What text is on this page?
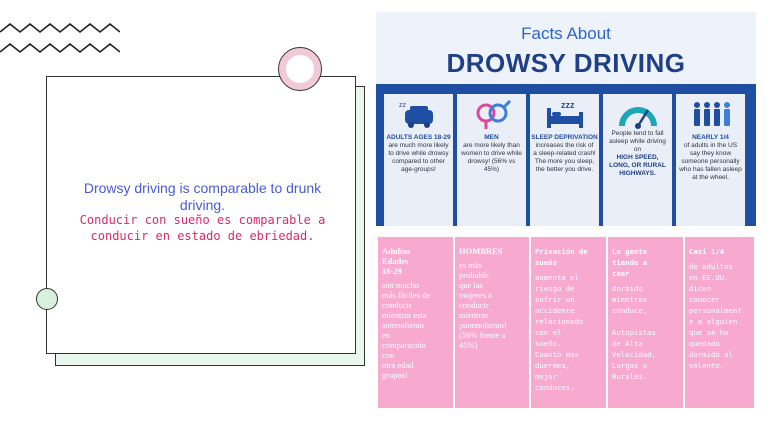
Drowsy driving is comparable to drunk driving.
Conducir con sueño es comparable a conducir en estado de ebriedad.
Facts About
DROWSY DRIVING
zz
ADULTS AGES 18-29
are much more likely to drive while drowsy compared to other age-groups!
MEN
are more likely than women to drive while drowsy! (56% vs 45%)
zzz
SLEEP DEPRIVATION
increases the risk of a sleep-related crash! The more you sleep, the better you drive.
People tend to fall asleep while driving on
HIGH SPEED, LONG, OR RURAL HIGHWAYS.
NEARLY 1/4
of adults in the US say they know someone personally who has fallen asleep at the wheel.
Adultos
Edades
18-29
son mucho
más fáciles de
conducir
mientras esta
somnoliento
en
comparación
con
otra edad
grupos!
HOMBRES
es más
probable
que las
mujeres a
conducir
mientras
¡somnoliento!
(56% frente a
45%)
Privación de
sueño
aumenta el
riesgo de
sufrir un
accidente
relacionado
con el
sueño.
Cuanto más
duermes,
mejor
conduces.
La gente
tiende a
caer
dormido
mientras
conduce,

Autopistas
de Alta
Velocidad,
Largas o
Rurales.
Casi 1/4
de adultos
en EE.UU.
dicen
conocer
personalment
e a alguien
que se ha
quedado
dormido al
volante.
